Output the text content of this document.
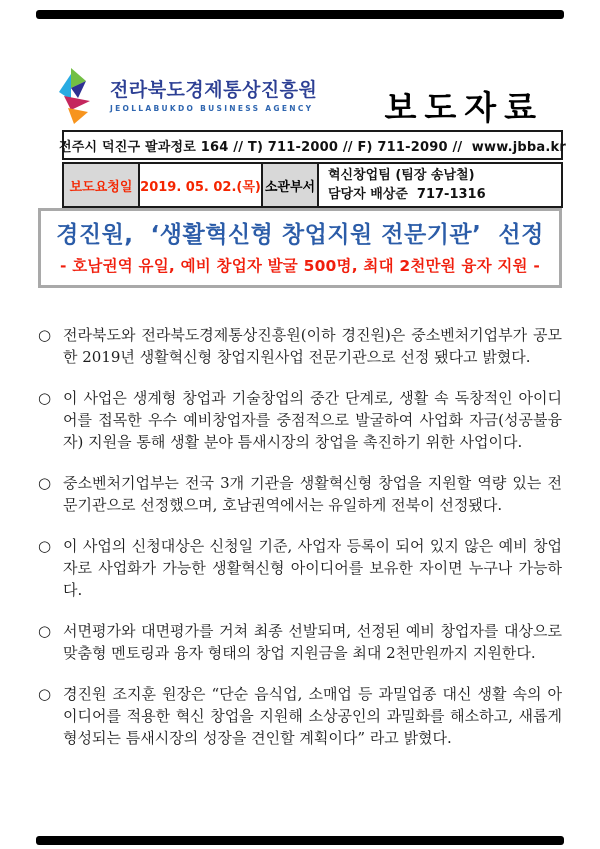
전라북도경제통상진흥원
JEOLLABUKDO BUSINESS AGENCY 보도자료
전주시 덕진구 팔과정로 164 // T) 711-2000 // F) 711-2090 //  www.jbba.kr
보도요청일 2019. 05. 02.(목) 소관부서
혁신창업팀 (팀장 송남철)
담당자 배상준  717-1316
경진원,  ‘생활혁신형 창업지원 전문기관’  선정
- 호남권역 유일, 예비 창업자 발굴 500명, 최대 2천만원 융자 지원 -
○ 전라북도와 전라북도경제통상진흥원(이하 경진원)은 중소벤처기업부가 공모한 2019년 생활혁신형 창업지원사업 전문기관으로 선정 됐다고 밝혔다.
○ 이 사업은 생계형 창업과 기술창업의 중간 단계로, 생활 속 독창적인 아이디어를 접목한 우수 예비창업자를 중점적으로 발굴하여 사업화 자금(성공불융자) 지원을 통해 생활 분야 틈새시장의 창업을 촉진하기 위한 사업이다.
○ 중소벤처기업부는 전국 3개 기관을 생활혁신형 창업을 지원할 역량 있는 전문기관으로 선정했으며, 호남권역에서는 유일하게 전북이 선정됐다.
○ 이 사업의 신청대상은 신청일 기준, 사업자 등록이 되어 있지 않은 예비 창업자로 사업화가 가능한 생활혁신형 아이디어를 보유한 자이면 누구나 가능하다.
○ 서면평가와 대면평가를 거쳐 최종 선발되며, 선정된 예비 창업자를 대상으로 맞춤형 멘토링과 융자 형태의 창업 지원금을 최대 2천만원까지 지원한다.
○ 경진원 조지훈 원장은 “단순 음식업, 소매업 등 과밀업종 대신 생활 속의 아이디어를 적용한 혁신 창업을 지원해 소상공인의 과밀화를 해소하고, 새롭게 형성되는 틈새시장의 성장을 견인할 계획이다” 라고 밝혔다.
